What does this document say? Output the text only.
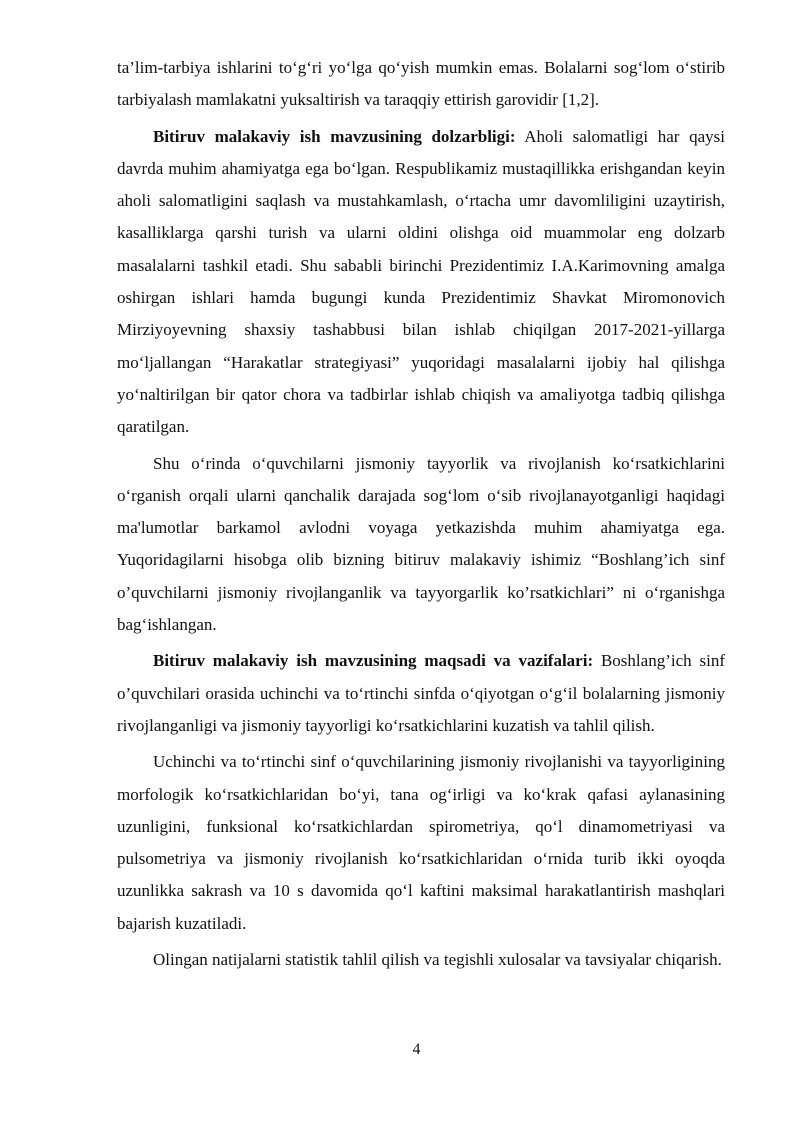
ta’lim-tarbiya ishlarini to‘g‘ri yo‘lga qo‘yish mumkin emas. Bolalarni sog‘lom o‘stirib tarbiyalash mamlakatni yuksaltirish va taraqqiy ettirish garovidir [1,2].

Bitiruv malakaviy ish mavzusining dolzarbligi: Aholi salomatligi har qaysi davrda muhim ahamiyatga ega bo‘lgan. Respublikamiz mustaqillikka erishgandan keyin aholi salomatligini saqlash va mustahkamlash, o‘rtacha umr davomliligini uzaytirish, kasalliklarga qarshi turish va ularni oldini olishga oid muammolar eng dolzarb masalalarni tashkil etadi. Shu sababli birinchi Prezidentimiz I.A.Karimovning amalga oshirgan ishlari hamda bugungi kunda Prezidentimiz Shavkat Miromonovich Mirziyoyevning shaxsiy tashabbusi bilan ishlab chiqilgan 2017-2021-yillarga mo‘ljallangan “Harakatlar strategiyasi” yuqoridagi masalalarni ijobiy hal qilishga yo‘naltirilgan bir qator chora va tadbirlar ishlab chiqish va amaliyotga tadbiq qilishga qaratilgan.

Shu o‘rinda o‘quvchilarni jismoniy tayyorlik va rivojlanish ko‘rsatkichlarini o‘rganish orqali ularni qanchalik darajada sog‘lom o‘sib rivojlanayotganligi haqidagi ma'lumotlar barkamol avlodni voyaga yetkazishda muhim ahamiyatga ega. Yuqoridagilarni hisobga olib bizning bitiruv malakaviy ishimiz “Boshlang’ich sinf o’quvchilarni jismoniy rivojlanganlik va tayyorgarlik ko’rsatkichlari” ni o‘rganishga bag‘ishlangan.

Bitiruv malakaviy ish mavzusining maqsadi va vazifalari: Boshlang’ich sinf o’quvchilari orasida uchinchi va to‘rtinchi sinfda o‘qiyotgan o‘g‘il bolalarning jismoniy rivojlanganligi va jismoniy tayyorligi ko‘rsatkichlarini kuzatish va tahlil qilish.

Uchinchi va to‘rtinchi sinf o‘quvchilarining jismoniy rivojlanishi va tayyorligining morfologik ko‘rsatkichlaridan bo‘yi, tana og‘irligi va ko‘krak qafasi aylanasining uzunligini, funksional ko‘rsatkichlardan spirometriya, qo‘l dinamometriyasi va pulsometriya va jismoniy rivojlanish ko‘rsatkichlaridan o‘rnida turib ikki oyoqda uzunlikka sakrash va 10 s davomida qo‘l kaftini maksimal harakatlantirish mashqlari bajarish kuzatiladi.

Olingan natijalarni statistik tahlil qilish va tegishli xulosalar va tavsiyalar chiqarish.

4
